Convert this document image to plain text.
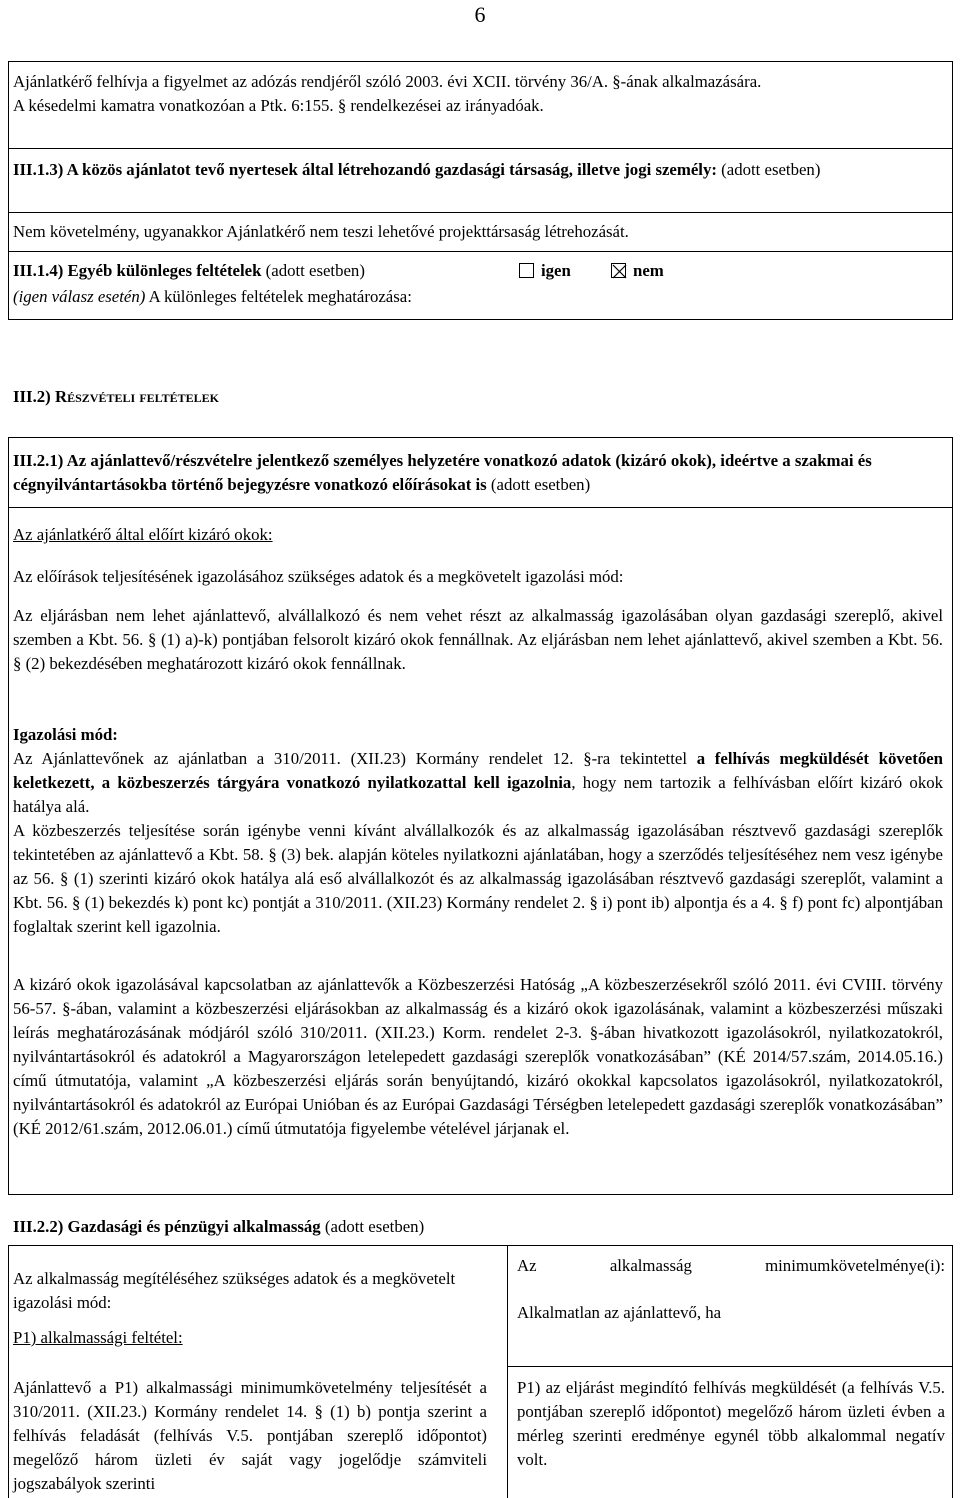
6

Ajánlatkérő felhívja a figyelmet az adózás rendjéről szóló 2003. évi XCII. törvény 36/A. §-ának alkalmazására.

A késedelmi kamatra vonatkozóan a Ptk. 6:155. § rendelkezései az irányadóak.

III.1.3) A közös ajánlatot tevő nyertesek által létrehozandó gazdasági társaság, illetve jogi személy: (adott esetben)

Nem követelmény, ugyanakkor Ajánlatkérő nem teszi lehetővé projekttársaság létrehozását.

III.1.4) Egyéb különleges feltételek (adott esetben)	igen	nem

(igen válasz esetén) A különleges feltételek meghatározása:

III.2) Részvételi feltételek

III.2.1) Az ajánlattevő/részvételre jelentkező személyes helyzetére vonatkozó adatok (kizáró okok), ideértve a szakmai és cégnyilvántartásokba történő bejegyzésre vonatkozó előírásokat is (adott esetben)

Az ajánlatkérő által előírt kizáró okok:

Az előírások teljesítésének igazolásához szükséges adatok és a megkövetelt igazolási mód:

Az eljárásban nem lehet ajánlattevő, alvállalkozó és nem vehet részt az alkalmasság igazolásában olyan gazdasági szereplő, akivel szemben a Kbt. 56. § (1) a)-k) pontjában felsorolt kizáró okok fennállnak. Az eljárásban nem lehet ajánlattevő, akivel szemben a Kbt. 56. § (2) bekezdésében meghatározott kizáró okok fennállnak.

Igazolási mód:

Az Ajánlattevőnek az ajánlatban a 310/2011. (XII.23) Kormány rendelet 12. §-ra tekintettel a felhívás megküldését követően keletkezett, a közbeszerzés tárgyára vonatkozó nyilatkozattal kell igazolnia, hogy nem tartozik a felhívásban előírt kizáró okok hatálya alá.

A közbeszerzés teljesítése során igénybe venni kívánt alvállalkozók és az alkalmasság igazolásában résztvevő gazdasági szereplők tekintetében az ajánlattevő a Kbt. 58. § (3) bek. alapján köteles nyilatkozni ajánlatában, hogy a szerződés teljesítéséhez nem vesz igénybe az 56. § (1) szerinti kizáró okok hatálya alá eső alvállalkozót és az alkalmasság igazolásában résztvevő gazdasági szereplőt, valamint a Kbt. 56. § (1) bekezdés k) pont kc) pontját a 310/2011. (XII.23) Kormány rendelet 2. § i) pont ib) alpontja és a 4. § f) pont fc) alpontjában foglaltak szerint kell igazolnia.

A kizáró okok igazolásával kapcsolatban az ajánlattevők a Közbeszerzési Hatóság „A közbeszerzésekről szóló 2011. évi CVIII. törvény 56-57. §-ában, valamint a közbeszerzési eljárásokban az alkalmasság és a kizáró okok igazolásának, valamint a közbeszerzési műszaki leírás meghatározásának módjáról szóló 310/2011. (XII.23.) Korm. rendelet 2-3. §-ában hivatkozott igazolásokról, nyilatkozatokról, nyilvántartásokról és adatokról a Magyarországon letelepedett gazdasági szereplők vonatkozásában” (KÉ 2014/57.szám, 2014.05.16.) című útmutatója, valamint „A közbeszerzési eljárás során benyújtandó, kizáró okokkal kapcsolatos igazolásokról, nyilatkozatokról, nyilvántartásokról és adatokról az Európai Unióban és az Európai Gazdasági Térségben letelepedett gazdasági szereplők vonatkozásában” (KÉ 2012/61.szám, 2012.06.01.) című útmutatója figyelembe vételével járjanak el.

III.2.2) Gazdasági és pénzügyi alkalmasság (adott esetben)

Az alkalmasság megítéléséhez szükséges adatok és a megkövetelt igazolási mód:

P1) alkalmassági feltétel:

Ajánlattevő a P1) alkalmassági minimumkövetelmény teljesítését a 310/2011. (XII.23.) Kormány rendelet 14. § (1) b) pontja szerint a felhívás feladását (felhívás V.5. pontjában szereplő időpontot) megelőző három üzleti év saját vagy jogelődje számviteli jogszabályok szerinti

Az alkalmasság minimumkövetelménye(i):

Alkalmatlan az ajánlattevő, ha

P1) az eljárást megindító felhívás megküldését (a felhívás V.5. pontjában szereplő időpontot) megelőző három üzleti évben a mérleg szerinti eredménye egynél több alkalommal negatív volt.
